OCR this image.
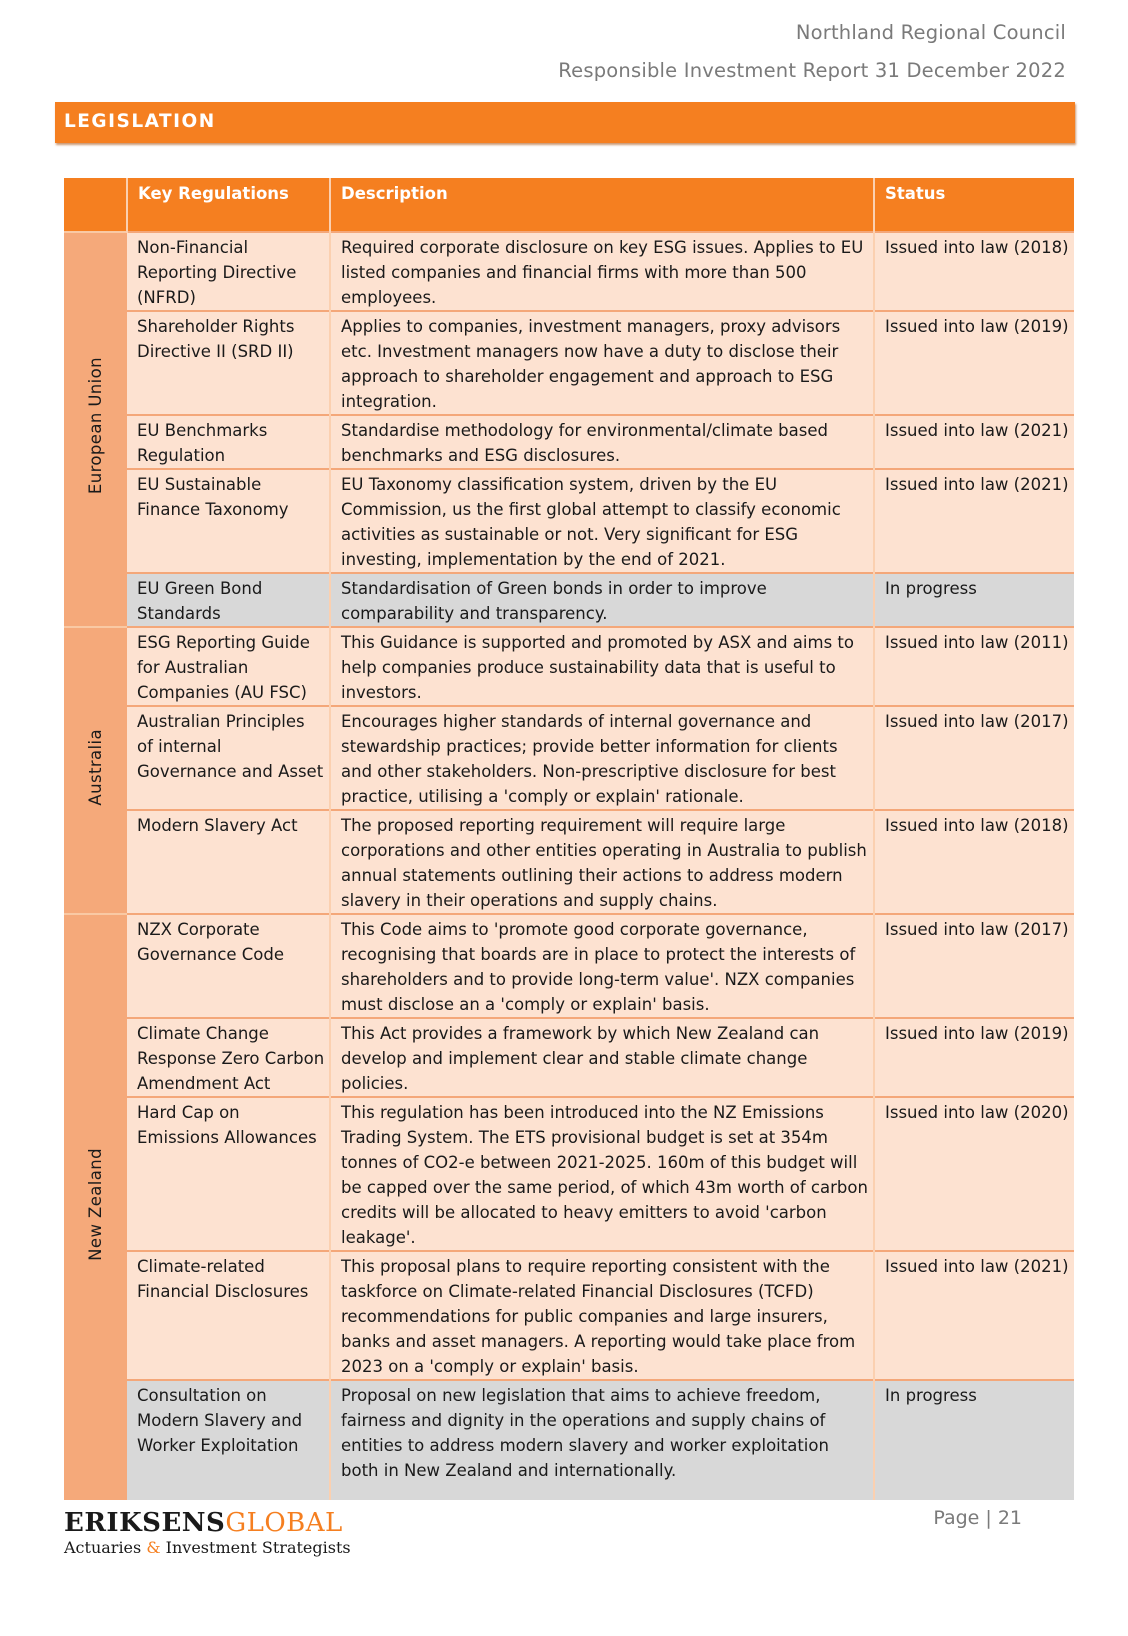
Northland Regional Council
Responsible Investment Report 31 December 2022
LEGISLATION
	Key Regulations	Description	Status
European Union	Non-Financial Reporting Directive (NFRD)	Required corporate disclosure on key ESG issues. Applies to EU listed companies and financial firms with more than 500 employees.	Issued into law (2018)
	Shareholder Rights Directive II (SRD II)	Applies to companies, investment managers, proxy advisors etc. Investment managers now have a duty to disclose their approach to shareholder engagement and approach to ESG integration.	Issued into law (2019)
	EU Benchmarks Regulation	Standardise methodology for environmental/climate based benchmarks and ESG disclosures.	Issued into law (2021)
	EU Sustainable Finance Taxonomy	EU Taxonomy classification system, driven by the EU Commission, us the first global attempt to classify economic activities as sustainable or not. Very significant for ESG investing, implementation by the end of 2021.	Issued into law (2021)
	EU Green Bond Standards	Standardisation of Green bonds in order to improve comparability and transparency.	In progress
Australia	ESG Reporting Guide for Australian Companies (AU FSC)	This Guidance is supported and promoted by ASX and aims to help companies produce sustainability data that is useful to investors.	Issued into law (2011)
	Australian Principles of internal Governance and Asset	Encourages higher standards of internal governance and stewardship practices; provide better information for clients and other stakeholders. Non-prescriptive disclosure for best practice, utilising a 'comply or explain' rationale.	Issued into law (2017)
	Modern Slavery Act	The proposed reporting requirement will require large corporations and other entities operating in Australia to publish annual statements outlining their actions to address modern slavery in their operations and supply chains.	Issued into law (2018)
New Zealand	NZX Corporate Governance Code	This Code aims to 'promote good corporate governance, recognising that boards are in place to protect the interests of shareholders and to provide long-term value'. NZX companies must disclose an a 'comply or explain' basis.	Issued into law (2017)
	Climate Change Response Zero Carbon Amendment Act	This Act provides a framework by which New Zealand can develop and implement clear and stable climate change policies.	Issued into law (2019)
	Hard Cap on Emissions Allowances	This regulation has been introduced into the NZ Emissions Trading System. The ETS provisional budget is set at 354m tonnes of CO2-e between 2021-2025. 160m of this budget will be capped over the same period, of which 43m worth of carbon credits will be allocated to heavy emitters to avoid 'carbon leakage'.	Issued into law (2020)
	Climate-related Financial Disclosures	This proposal plans to require reporting consistent with the taskforce on Climate-related Financial Disclosures (TCFD) recommendations for public companies and large insurers, banks and asset managers. A reporting would take place from 2023 on a 'comply or explain' basis.	Issued into law (2021)
	Consultation on Modern Slavery and Worker Exploitation	Proposal on new legislation that aims to achieve freedom, fairness and dignity in the operations and supply chains of entities to address modern slavery and worker exploitation both in New Zealand and internationally.	In progress
ERIKSENSGLOBAL
Actuaries & Investment Strategists
Page | 21
